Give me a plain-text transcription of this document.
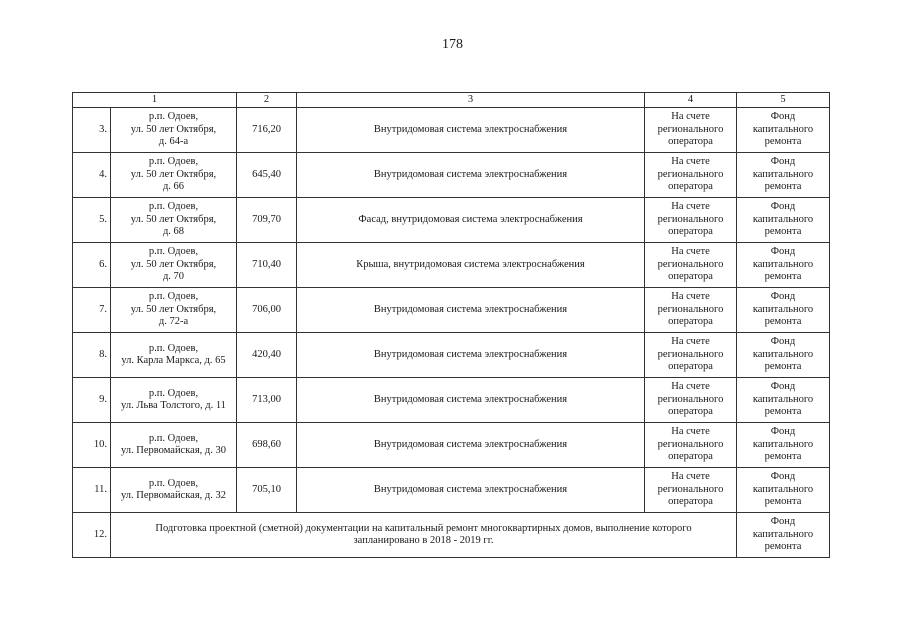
178
1		2	3	4	5
3.	р.п. Одоев,
ул. 50 лет Октября,
д. 64-а	716,20	Внутридомовая система электроснабжения	На счете
регионального
оператора	Фонд
капитального
ремонта

4.	р.п. Одоев,
ул. 50 лет Октября,
д. 66	645,40	Внутридомовая система электроснабжения	На счете
регионального
оператора	Фонд
капитального
ремонта

5.	р.п. Одоев,
ул. 50 лет Октября,
д. 68	709,70	Фасад, внутридомовая система электроснабжения	На счете
регионального
оператора	Фонд
капитального
ремонта

6.	р.п. Одоев,
ул. 50 лет Октября,
д. 70	710,40	Крыша, внутридомовая система электроснабжения	На счете
регионального
оператора	Фонд
капитального
ремонта

7.	р.п. Одоев,
ул. 50 лет Октября,
д. 72-а	706,00	Внутридомовая система электроснабжения	На счете
регионального
оператора	Фонд
капитального
ремонта

8.	р.п. Одоев,
ул. Карла Маркса, д. 65	420,40	Внутридомовая система электроснабжения	На счете
регионального
оператора	Фонд
капитального
ремонта

9.	р.п. Одоев,
ул. Льва Толстого, д. 11	713,00	Внутридомовая система электроснабжения	На счете
регионального
оператора	Фонд
капитального
ремонта

10.	р.п. Одоев,
ул. Первомайская, д. 30	698,60	Внутридомовая система электроснабжения	На счете
регионального
оператора	Фонд
капитального
ремонта

11.	р.п. Одоев,
ул. Первомайская, д. 32	705,10	Внутридомовая система электроснабжения	На счете
регионального
оператора	Фонд
капитального
ремонта

12.	Подготовка проектной (сметной) документации на капитальный ремонт многоквартирных домов, выполнение которого
запланировано в 2018 - 2019 гг.				Фонд
капитального
ремонта
